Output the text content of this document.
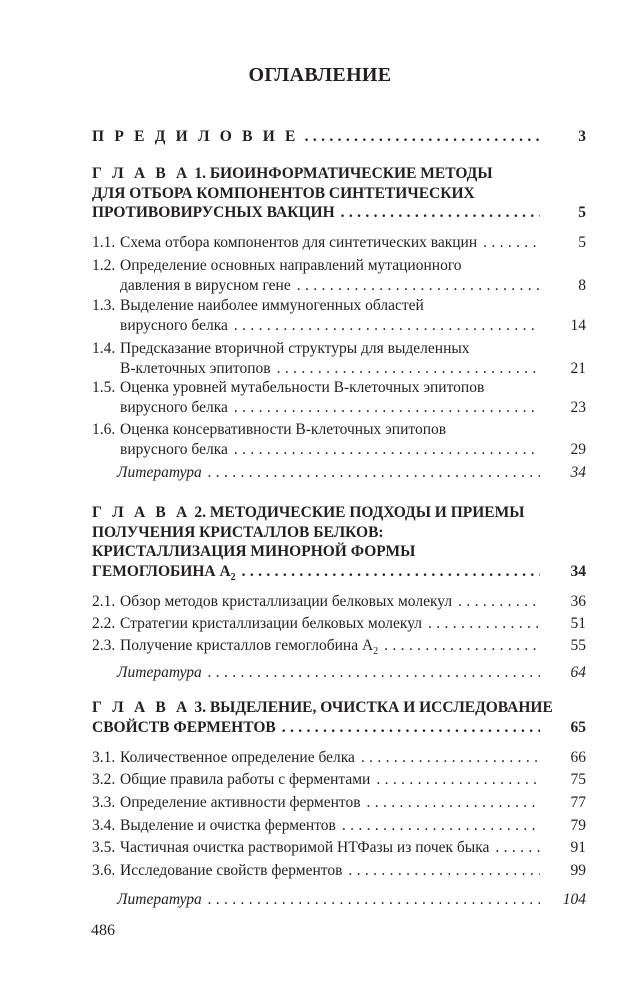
ОГЛАВЛЕНИЕ
П Р Е Д И Л О В И Е . . .	3
Г Л А В А 1. БИОИНФОРМАТИЧЕСКИЕ МЕТОДЫ
ДЛЯ ОТБОРА КОМПОНЕНТОВ СИНТЕТИЧЕСКИХ
ПРОТИВОВИРУСНЫХ ВАКЦИН . . .	5
1.1. Схема отбора компонентов для синтетических вакцин . . .	5
1.2. Определение основных направлений мутационного
давления в вирусном гене . . .	8
1.3. Выделение наиболее иммуногенных областей
вирусного белка . . .	14
1.4. Предсказание вторичной структуры для выделенных
В-клеточных эпитопов . . .	21
1.5. Оценка уровней мутабельности В-клеточных эпитопов
вирусного белка . . .	23
1.6. Оценка консервативности В-клеточных эпитопов
вирусного белка . . .	29
Литература . . .	34
Г Л А В А 2. МЕТОДИЧЕСКИЕ ПОДХОДЫ И ПРИЕМЫ
ПОЛУЧЕНИЯ КРИСТАЛЛОВ БЕЛКОВ:
КРИСТАЛЛИЗАЦИЯ МИНОРНОЙ ФОРМЫ
ГЕМОГЛОБИНА $А_2$ . . .	34
2.1. Обзор методов кристаллизации белковых молекул . . .	36
2.2. Стратегии кристаллизации белковых молекул . . .	51
2.3. Получение кристаллов гемоглобина $А_2$ . . .	55
Литература . . .	64
Г Л А В А 3. ВЫДЕЛЕНИЕ, ОЧИСТКА И ИССЛЕДОВАНИЕ
СВОЙСТВ ФЕРМЕНТОВ . . .	65
3.1. Количественное определение белка . . .	66
3.2. Общие правила работы с ферментами . . .	75
3.3. Определение активности ферментов . . .	77
3.4. Выделение и очистка ферментов . . .	79
3.5. Частичная очистка растворимой НТФазы из почек быка . . .	91
3.6. Исследование свойств ферментов . . .	99
Литература . . .	104
486
